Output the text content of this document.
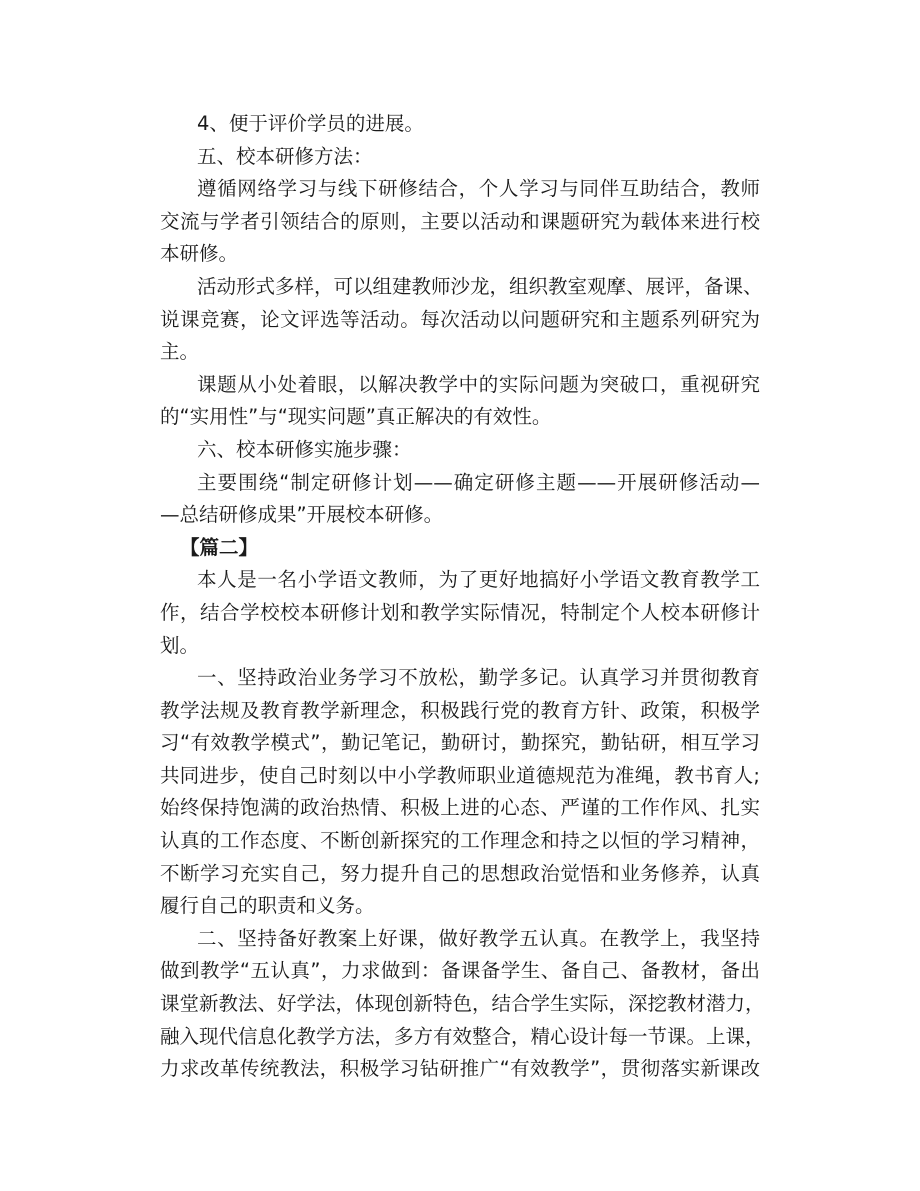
4、便于评价学员的进展。
五、校本研修方法：
遵循网络学习与线下研修结合，个人学习与同伴互助结合，教师
交流与学者引领结合的原则，主要以活动和课题研究为载体来进行校
本研修。
活动形式多样，可以组建教师沙龙，组织教室观摩、展评，备课、
说课竞赛，论文评选等活动。每次活动以问题研究和主题系列研究为
主。
课题从小处着眼，以解决教学中的实际问题为突破口，重视研究
的“实用性”与“现实问题”真正解决的有效性。
六、校本研修实施步骤：
主要围绕“制定研修计划——确定研修主题——开展研修活动—
—总结研修成果”开展校本研修。
【篇二】
本人是一名小学语文教师，为了更好地搞好小学语文教育教学工
作，结合学校校本研修计划和教学实际情况，特制定个人校本研修计
划。
一、坚持政治业务学习不放松，勤学多记。认真学习并贯彻教育
教学法规及教育教学新理念，积极践行党的教育方针、政策，积极学
习“有效教学模式”，勤记笔记，勤研讨，勤探究，勤钻研，相互学习
共同进步，使自己时刻以中小学教师职业道德规范为准绳，教书育人;
始终保持饱满的政治热情、积极上进的心态、严谨的工作作风、扎实
认真的工作态度、不断创新探究的工作理念和持之以恒的学习精神，
不断学习充实自己，努力提升自己的思想政治觉悟和业务修养，认真
履行自己的职责和义务。
二、坚持备好教案上好课，做好教学五认真。在教学上，我坚持
做到教学“五认真”，力求做到：备课备学生、备自己、备教材，备出
课堂新教法、好学法，体现创新特色，结合学生实际，深挖教材潜力，
融入现代信息化教学方法，多方有效整合，精心设计每一节课。上课，
力求改革传统教法，积极学习钻研推广“有效教学”，贯彻落实新课改
